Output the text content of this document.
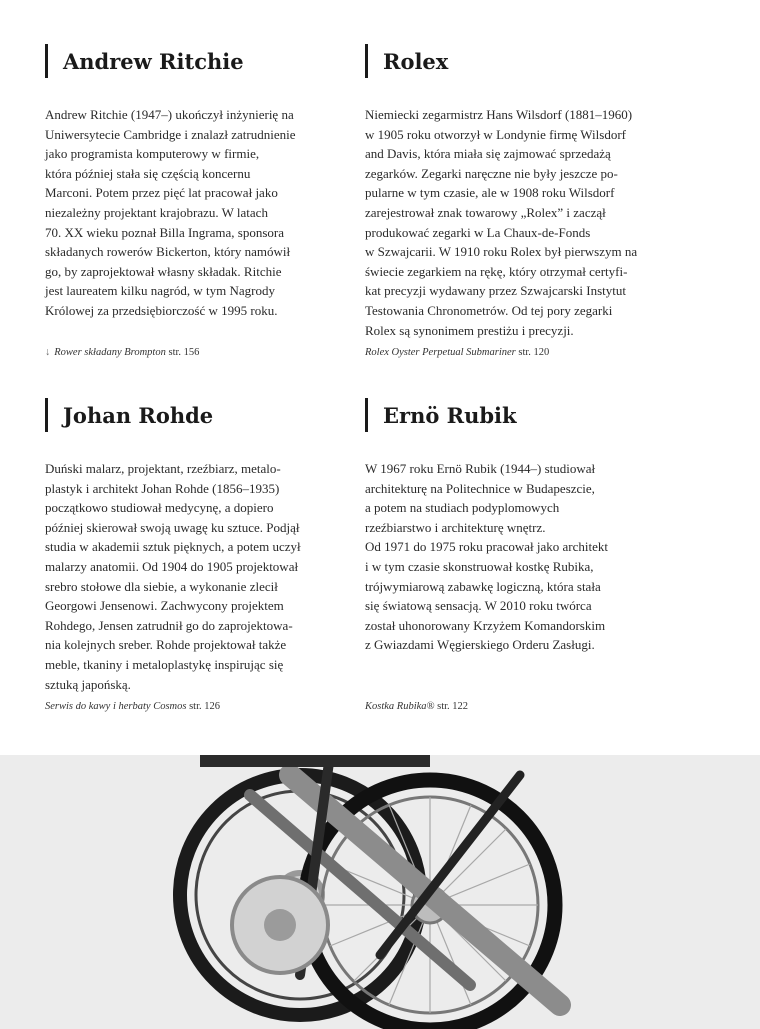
Andrew Ritchie

Andrew Ritchie (1947–) ukończył inżynierię na
Uniwersytecie Cambridge i znalazł zatrudnienie
jako programista komputerowy w firmie,
która później stała się częścią koncernu
Marconi. Potem przez pięć lat pracował jako
niezależny projektant krajobrazu. W latach
70. XX wieku poznał Billa Ingrama, sponsora
składanych rowerów Bickerton, który namówił
go, by zaprojektował własny składak. Ritchie
jest laureatem kilku nagród, w tym Nagrody
Królowej za przedsiębiorczość w 1995 roku.

↓ Rower składany Brompton str. 156

Rolex

Niemiecki zegarmistrz Hans Wilsdorf (1881–1960)
w 1905 roku otworzył w Londynie firmę Wilsdorf
and Davis, która miała się zajmować sprzedażą
zegarków. Zegarki naręczne nie były jeszcze po-
pularne w tym czasie, ale w 1908 roku Wilsdorf
zarejestrował znak towarowy „Rolex” i zaczął
produkować zegarki w La Chaux-de-Fonds
w Szwajcarii. W 1910 roku Rolex był pierwszym na
świecie zegarkiem na rękę, który otrzymał certyfi-
kat precyzji wydawany przez Szwajcarski Instytut
Testowania Chronometrów. Od tej pory zegarki
Rolex są synonimem prestiżu i precyzji.

Rolex Oyster Perpetual Submariner str. 120

Johan Rohde

Duński malarz, projektant, rzeźbiarz, metalo-
plastyk i architekt Johan Rohde (1856–1935)
początkowo studiował medycynę, a dopiero
później skierował swoją uwagę ku sztuce. Podjął
studia w akademii sztuk pięknych, a potem uczył
malarzy anatomii. Od 1904 do 1905 projektował
srebro stołowe dla siebie, a wykonanie zlecił
Georgowi Jensenowi. Zachwycony projektem
Rohdego, Jensen zatrudnił go do zaprojektowa-
nia kolejnych sreber. Rohde projektował także
meble, tkaniny i metaloplastykę inspirując się
sztuką japońską.

Serwis do kawy i herbaty Cosmos str. 126

Ernö Rubik

W 1967 roku Ernö Rubik (1944–) studiował
architekturę na Politechnice w Budapeszcie,
a potem na studiach podyplomowych
rzeźbiarstwo i architekturę wnętrz.
Od 1971 do 1975 roku pracował jako architekt
i w tym czasie skonstruował kostkę Rubika,
trójwymiarową zabawkę logiczną, która stała
się światową sensacją. W 2010 roku twórca
został uhonorowany Krzyżem Komandorskim
z Gwiazdami Węgierskiego Orderu Zasługi.

Kostka Rubika® str. 122
